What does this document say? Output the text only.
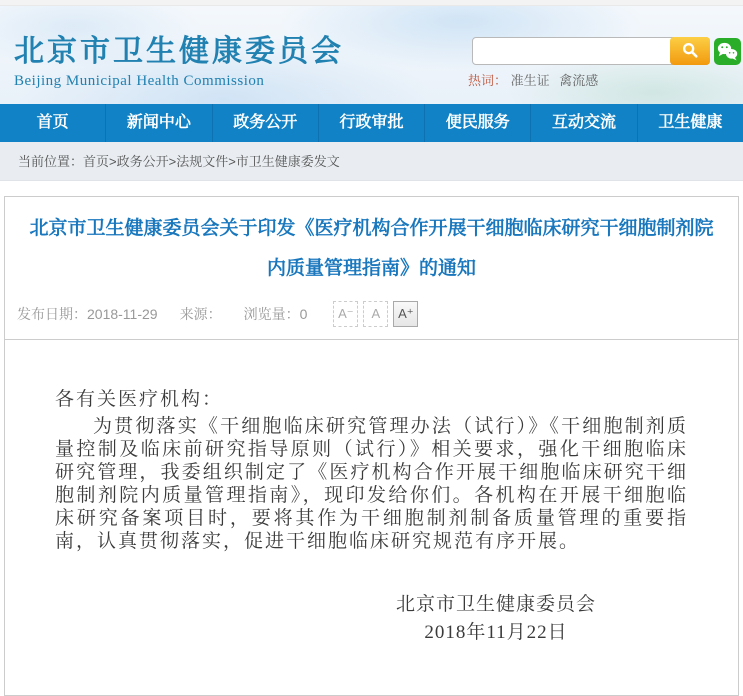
北京市卫生健康委员会
Beijing Municipal Health Commission	热词： 准生证 禽流感
首页	新闻中心	政务公开	行政审批	便民服务	互动交流	卫生健康
当前位置：首页>政务公开>法规文件>市卫生健康委发文
北京市卫生健康委员会关于印发《医疗机构合作开展干细胞临床研究干细胞制剂院内质量管理指南》的通知
发布日期：2018-11-29 来源： 浏览量：0	A⁻	A	A⁺
各有关医疗机构：
为贯彻落实《干细胞临床研究管理办法（试行）》《干细胞制剂质量控制及临床前研究指导原则（试行）》相关要求，强化干细胞临床研究管理，我委组织制定了《医疗机构合作开展干细胞临床研究干细胞制剂院内质量管理指南》，现印发给你们。各机构在开展干细胞临床研究备案项目时，要将其作为干细胞制剂制备质量管理的重要指南，认真贯彻落实，促进干细胞临床研究规范有序开展。
北京市卫生健康委员会
2018年11月22日
